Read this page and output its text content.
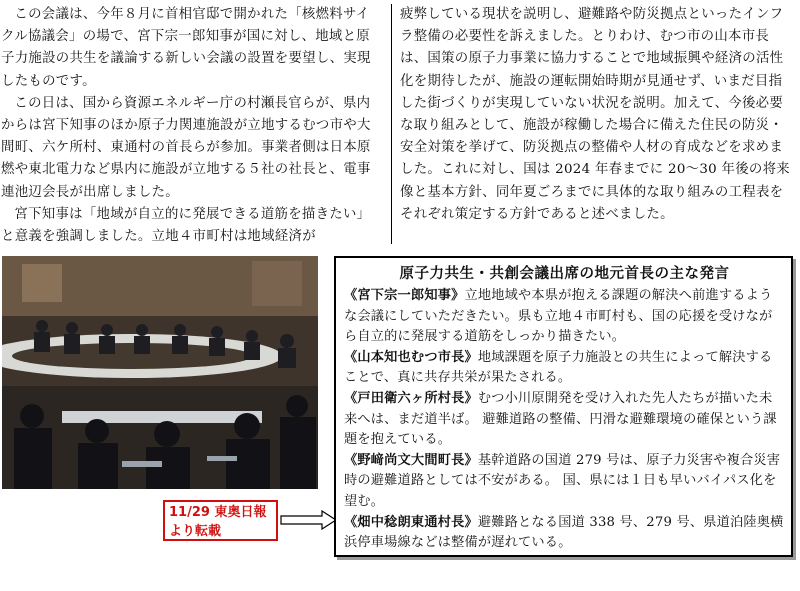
この会議は、今年８月に首相官邸で開かれた「核燃料サイクル協議会」の場で、宮下宗一郎知事が国に対し、地域と原子力施設の共生を議論する新しい会議の設置を要望し、実現したものです。

この日は、国から資源エネルギー庁の村瀬長官らが、県内からは宮下知事のほか原子力関連施設が立地するむつ市や大間町、六ケ所村、東通村の首長らが参加。事業者側は日本原燃や東北電力など県内に施設が立地する５社の社長と、電事連池辺会長が出席しました。

宮下知事は「地域が自立的に発展できる道筋を描きたい」と意義を強調しました。立地４市町村は地域経済が

疲弊している現状を説明し、避難路や防災拠点といったインフラ整備の必要性を訴えました。とりわけ、むつ市の山本市長は、国策の原子力事業に協力することで地域振興や経済の活性化を期待したが、施設の運転開始時期が見通せず、いまだ目指した街づくりが実現していない状況を説明。加えて、今後必要な取り組みとして、施設が稼働した場合に備えた住民の防災・安全対策を挙げて、防災拠点の整備や人材の育成などを求めました。これに対し、国は 2024 年春までに 20～30 年後の将来像と基本方針、同年夏ごろまでに具体的な取り組みの工程表をそれぞれ策定する方針であると述べました。

11/29 東奥日報
より転載
原子力共生・共創会議出席の地元首長の主な発言

《宮下宗一郎知事》立地地域や本県が抱える課題の解決へ前進するような会議にしていただきたい。県も立地４市町村も、国の応援を受けながら自立的に発展する道筋をしっかり描きたい。

《山本知也むつ市長》地域課題を原子力施設との共生によって解決することで、真に共存共栄が果たされる。

《戸田衛六ヶ所村長》むつ小川原開発を受け入れた先人たちが描いた未来へは、まだ道半ば。 避難道路の整備、円滑な避難環境の確保という課題を抱えている。

《野﨑尚文大間町長》基幹道路の国道 279 号は、原子力災害や複合災害時の避難道路としては不安がある。 国、県には１日も早いバイパス化を望む。

《畑中稔朗東通村長》避難路となる国道 338 号、279 号、県道泊陸奥横浜停車場線などは整備が遅れている。
